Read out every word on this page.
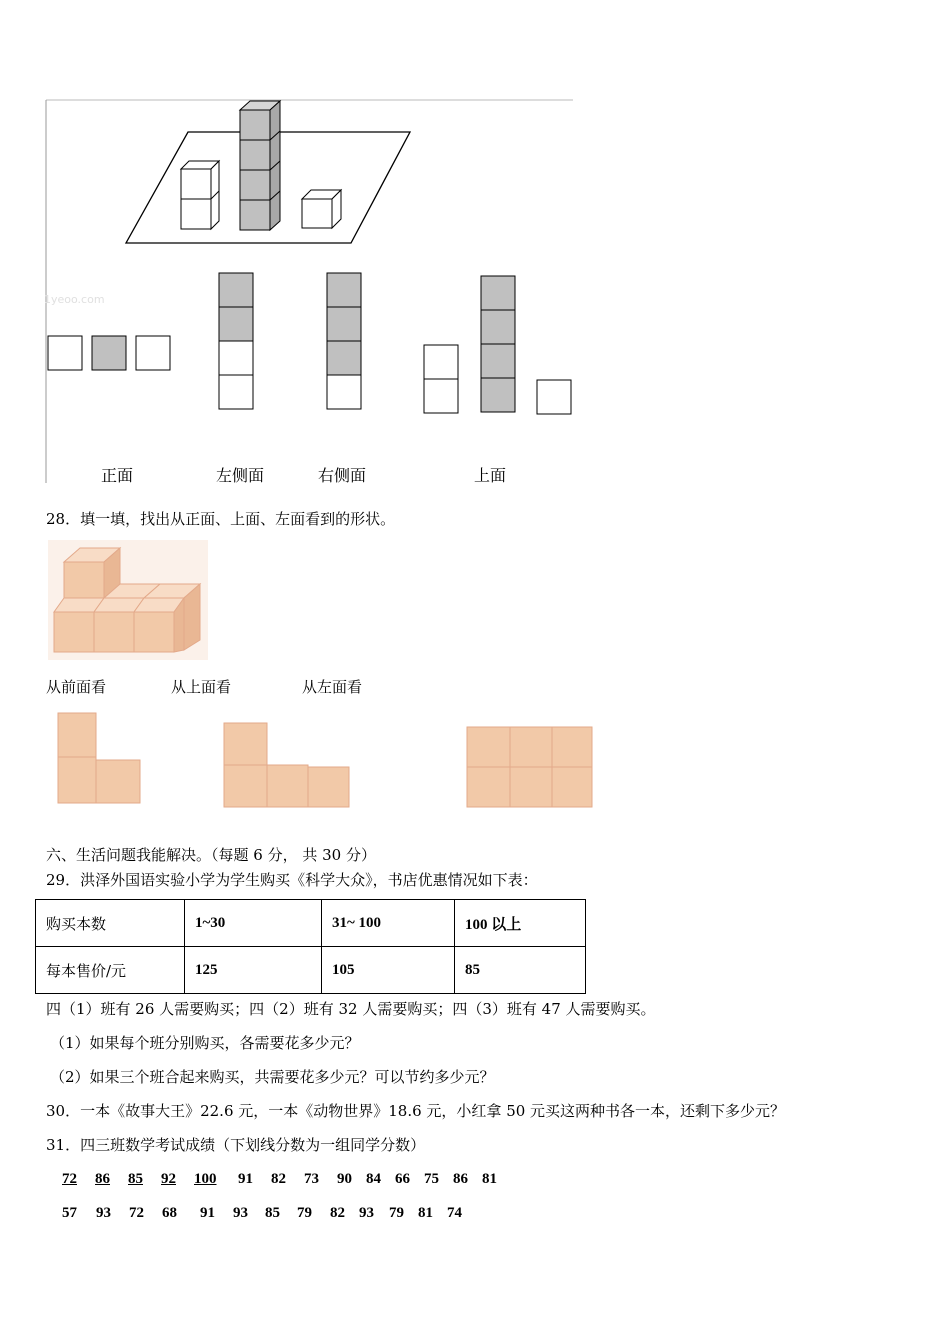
1yeoo.com
正面	左侧面	右侧面	上面
28．填一填，找出从正面、上面、左面看到的形状。
从前面看	从上面看	从左面看
六、生活问题我能解决。（每题 6 分， 共 30 分）
29．洪泽外国语实验小学为学生购买《科学大众》，书店优惠情况如下表：
购买本数	1~30	31~ 100	100 以上
每本售价/元	125	105	85
四（1）班有 26 人需要购买；四（2）班有 32 人需要购买；四（3）班有 47 人需要购买。
（1）如果每个班分别购买，各需要花多少元？
（2）如果三个班合起来购买，共需要花多少元？可以节约多少元？
30．一本《故事大王》22.6 元，一本《动物世界》18.6 元，小红拿 50 元买这两种书各一本，还剩下多少元？
31．四三班数学考试成绩（下划线分数为一组同学分数）
72 86 85 92 100 91 82 73 90 84 66 75 86 81
57 93 72 68 91 93 85 79 82 93 79 81 74
